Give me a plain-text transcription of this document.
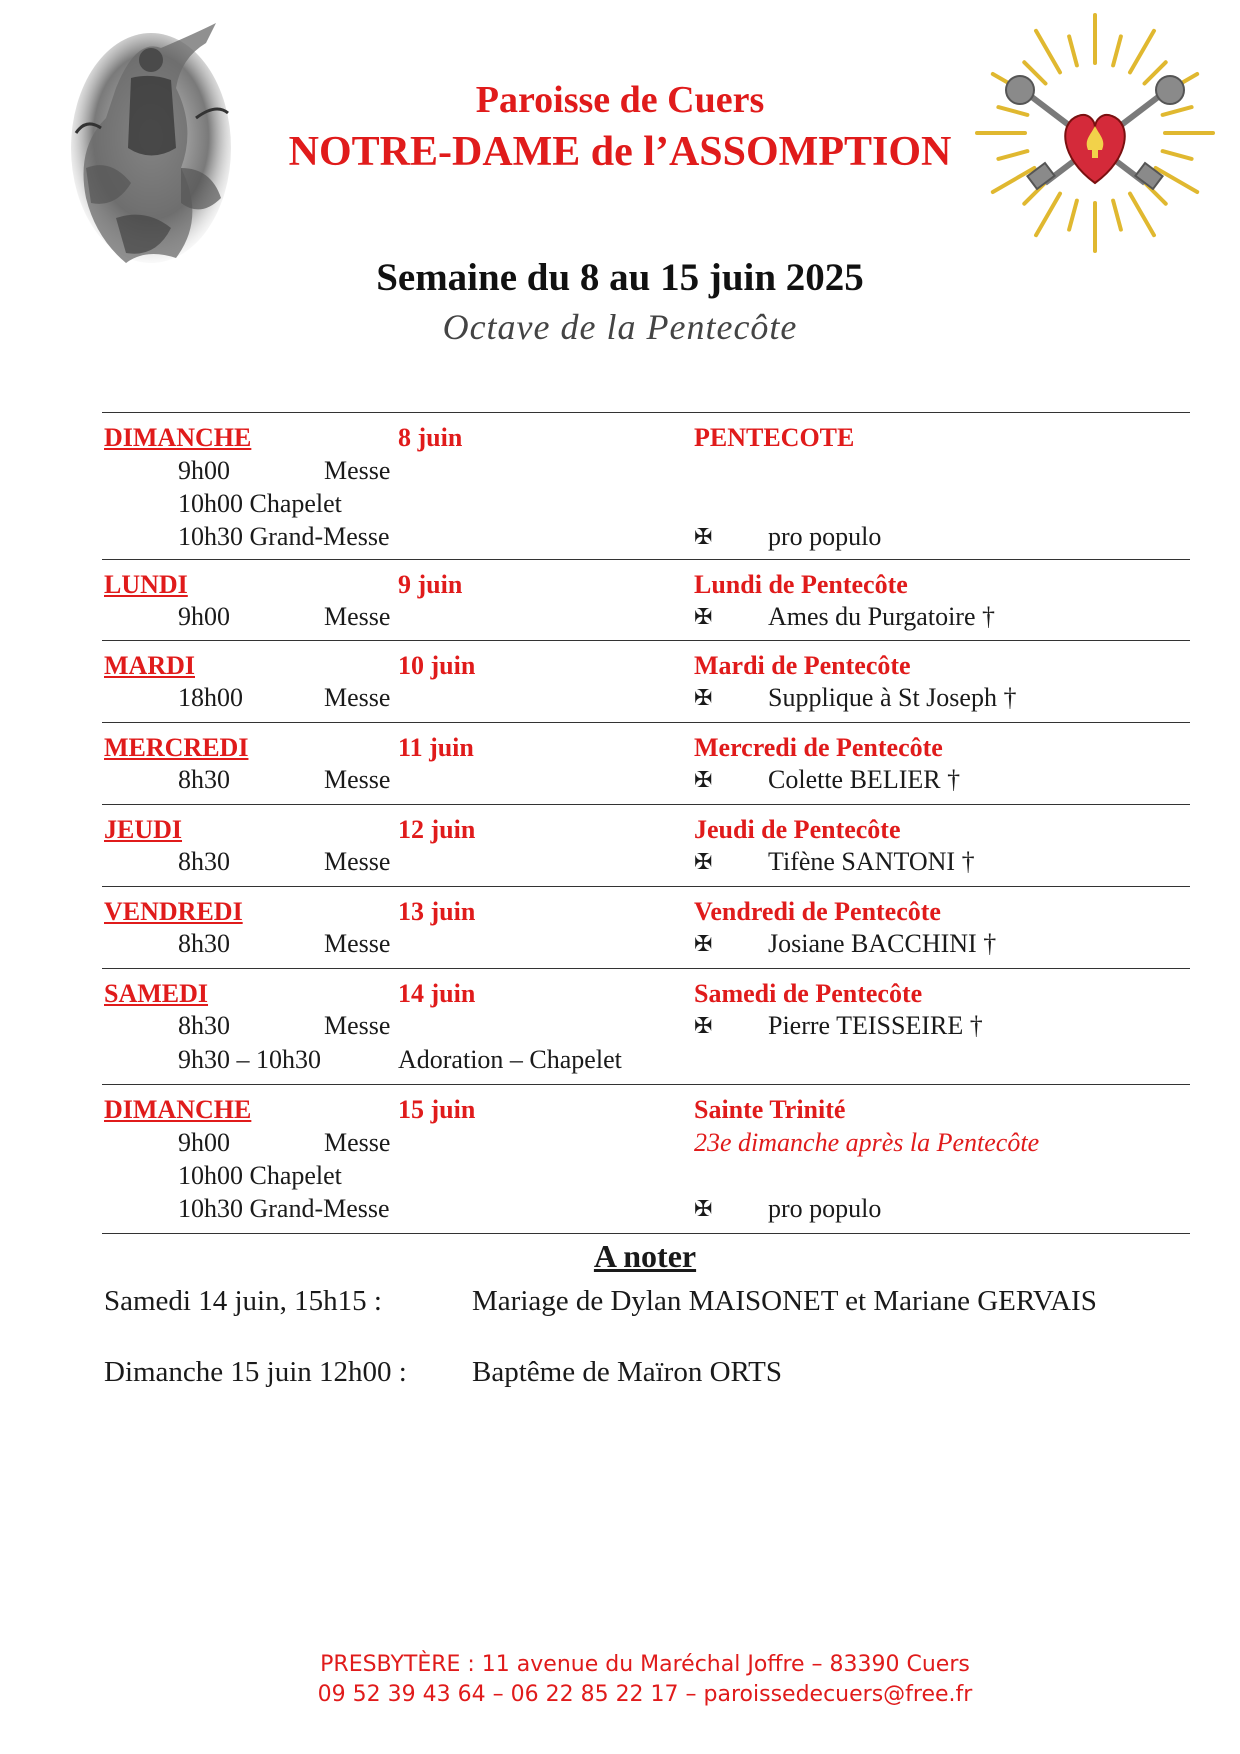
Paroisse de Cuers
NOTRE-DAME de l’ASSOMPTION
Semaine du 8 au 15 juin 2025
Octave de la Pentecôte
DIMANCHE	8 juin	PENTECOTE
9h00	Messe
10h00 Chapelet
10h30 Grand-Messe	✠ pro populo
LUNDI	9 juin	Lundi de Pentecôte
9h00	Messe	✠ Ames du Purgatoire †
MARDI	10 juin	Mardi de Pentecôte
18h00	Messe	✠ Supplique à St Joseph †
MERCREDI	11 juin	Mercredi de Pentecôte
8h30	Messe	✠ Colette BELIER †
JEUDI	12 juin	Jeudi de Pentecôte
8h30	Messe	✠ Tifène SANTONI †
VENDREDI	13 juin	Vendredi de Pentecôte
8h30	Messe	✠ Josiane BACCHINI †
SAMEDI	14 juin	Samedi de Pentecôte
8h30	Messe	✠ Pierre TEISSEIRE †
9h30 – 10h30	Adoration – Chapelet
DIMANCHE	15 juin	Sainte Trinité
23e dimanche après la Pentecôte
9h00	Messe
10h00 Chapelet
10h30 Grand-Messe	✠ pro populo
A noter
Samedi 14 juin, 15h15 :	Mariage de Dylan MAISONET et Mariane GERVAIS
Dimanche 15 juin 12h00 : Baptême de Maïron ORTS
PRESBYTÈRE : 11 avenue du Maréchal Joffre – 83390 Cuers
09 52 39 43 64 – 06 22 85 22 17 – paroissedecuers@free.fr
